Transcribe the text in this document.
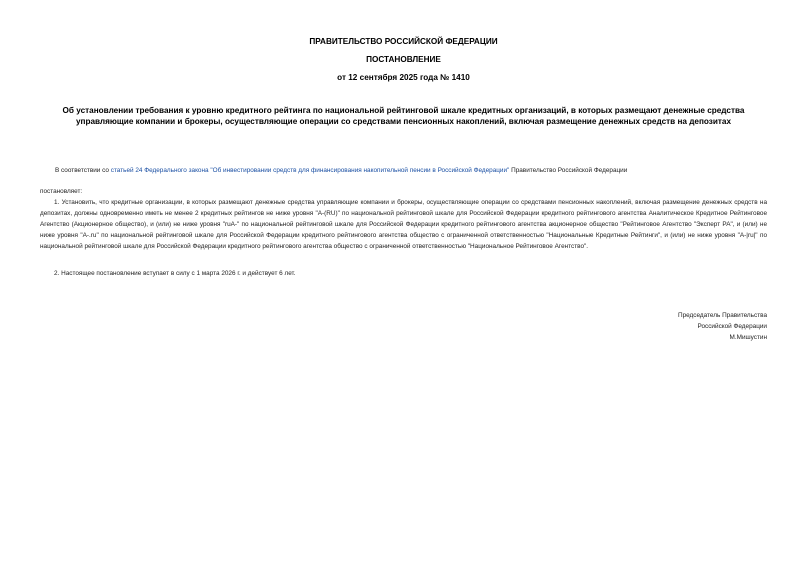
ПРАВИТЕЛЬСТВО РОССИЙСКОЙ ФЕДЕРАЦИИ
ПОСТАНОВЛЕНИЕ
от 12 сентября 2025 года № 1410
Об установлении требования к уровню кредитного рейтинга по национальной рейтинговой шкале кредитных организаций, в которых размещают денежные средства управляющие компании и брокеры, осуществляющие операции со средствами пенсионных накоплений, включая размещение денежных средств на депозитах
В соответствии со статьей 24 Федерального закона "Об инвестировании средств для финансирования накопительной пенсии в Российской Федерации" Правительство Российской Федерации
постановляет:
1. Установить, что кредитные организации, в которых размещают денежные средства управляющие компании и брокеры, осуществляющие операции со средствами пенсионных накоплений, включая размещение денежных средств на депозитах, должны одновременно иметь не менее 2 кредитных рейтингов не ниже уровня "A-(RU)" по национальной рейтинговой шкале для Российской Федерации кредитного рейтингового агентства Аналитическое Кредитное Рейтинговое Агентство (Акционерное общество), и (или) не ниже уровня "ruA-" по национальной рейтинговой шкале для Российской Федерации кредитного рейтингового агентства акционерное общество "Рейтинговое Агентство "Эксперт РА", и (или) не ниже уровня "A-.ru" по национальной рейтинговой шкале для Российской Федерации кредитного рейтингового агентства общество с ограниченной ответственностью "Национальные Кредитные Рейтинги", и (или) не ниже уровня "A-|ru|" по национальной рейтинговой шкале для Российской Федерации кредитного рейтингового агентства общество с ограниченной ответственностью "Национальное Рейтинговое Агентство".
2. Настоящее постановление вступает в силу с 1 марта 2026 г. и действует 6 лет.
Председатель Правительства
Российской Федерации
М.Мишустин
